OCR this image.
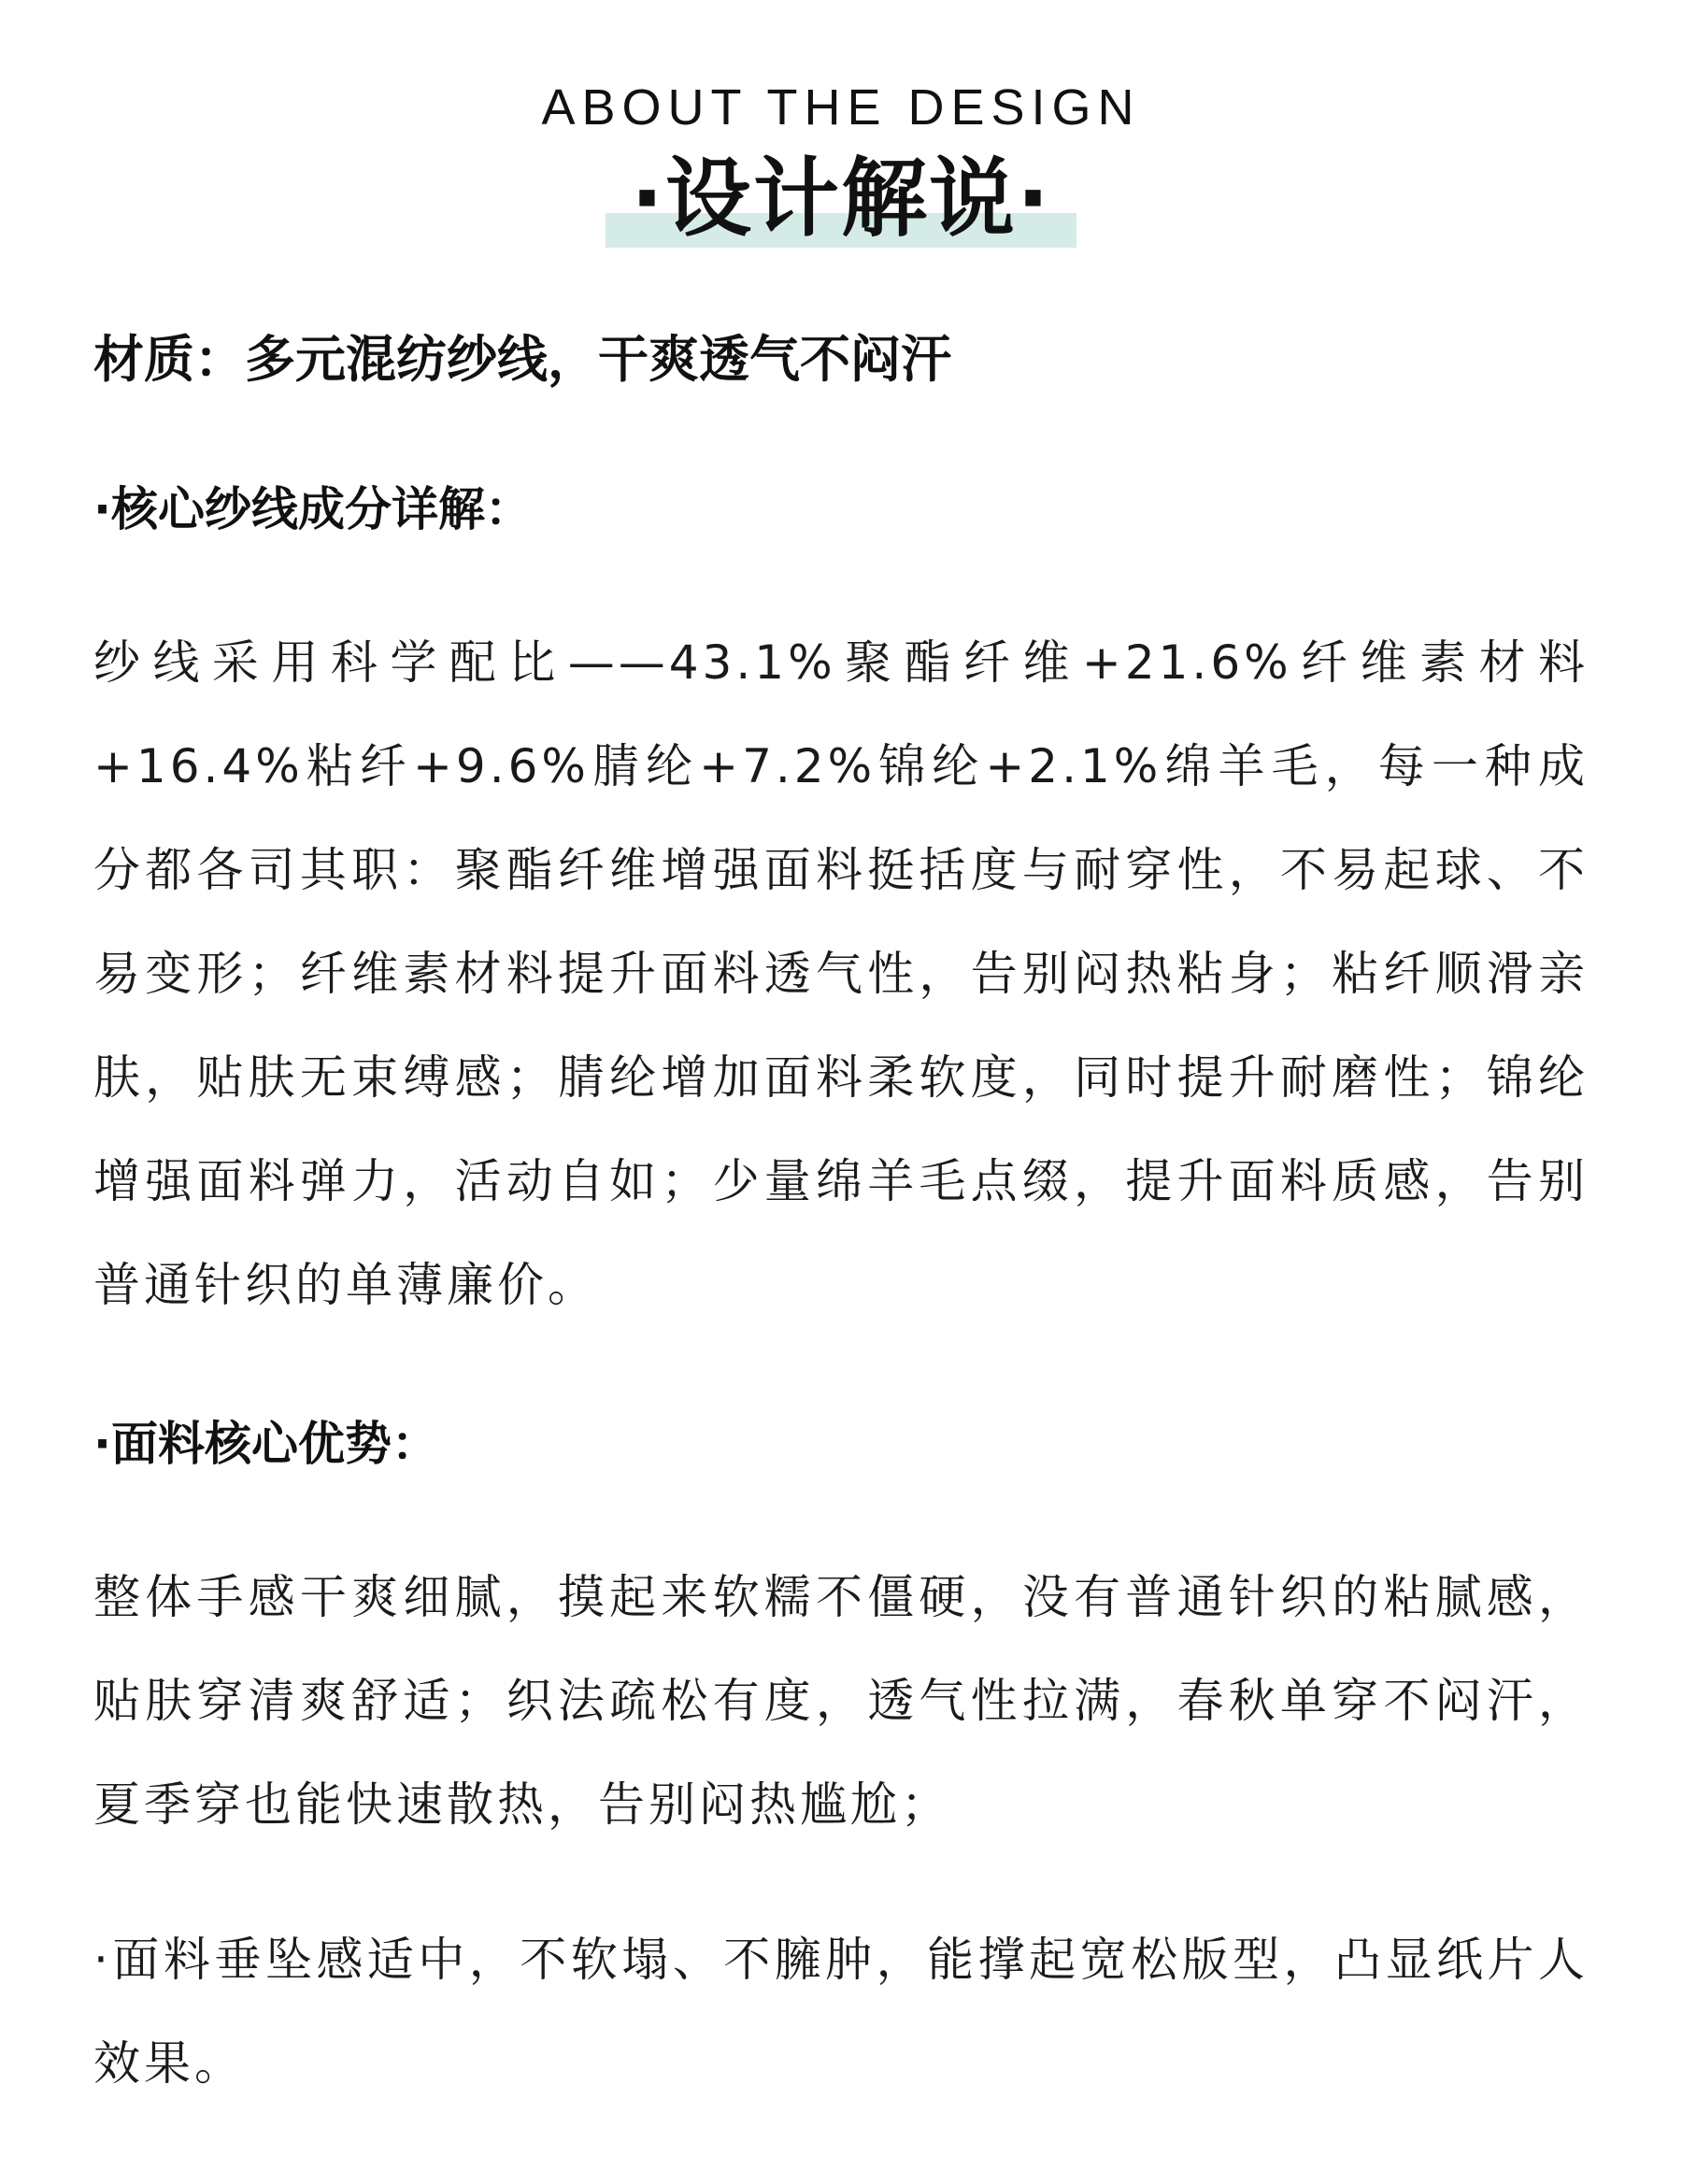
ABOUT THE DESIGN
·设计解说·

材质：多元混纺纱线，干爽透气不闷汗

·核心纱线成分详解：

纱线采用科学配比——43.1%聚酯纤维+21.6%纤维素材料+16.4%粘纤+9.6%腈纶+7.2%锦纶+2.1%绵羊毛，每一种成分都各司其职：聚酯纤维增强面料挺括度与耐穿性，不易起球、不易变形；纤维素材料提升面料透气性，告别闷热粘身；粘纤顺滑亲肤，贴肤无束缚感；腈纶增加面料柔软度，同时提升耐磨性；锦纶增强面料弹力，活动自如；少量绵羊毛点缀，提升面料质感，告别普通针织的单薄廉价。

·面料核心优势：

整体手感干爽细腻，摸起来软糯不僵硬，没有普通针织的粘腻感，贴肤穿清爽舒适；织法疏松有度，透气性拉满，春秋单穿不闷汗，夏季穿也能快速散热，告别闷热尴尬；

·面料垂坠感适中，不软塌、不臃肿，能撑起宽松版型，凸显纸片人效果。
